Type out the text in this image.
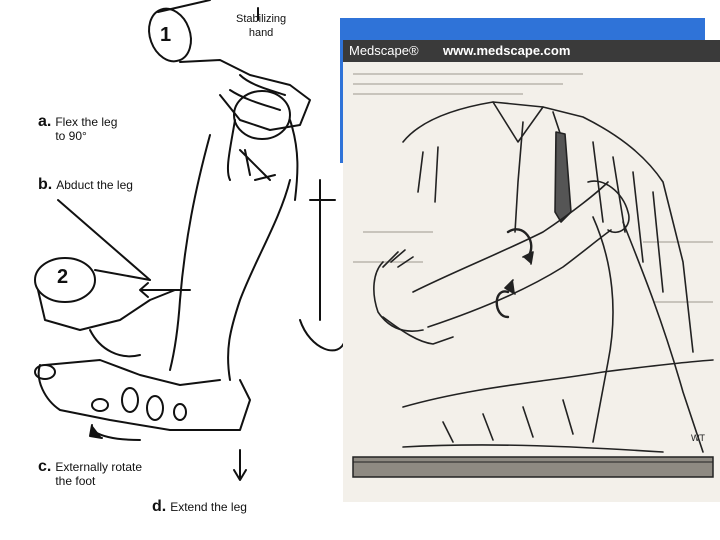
1
Stabilizing
hand
2
a. Flex the leg
to 90°
b. Abduct the leg
c. Externally rotate
the foot
d. Extend the leg
Medscape® www.medscape.com
WT
